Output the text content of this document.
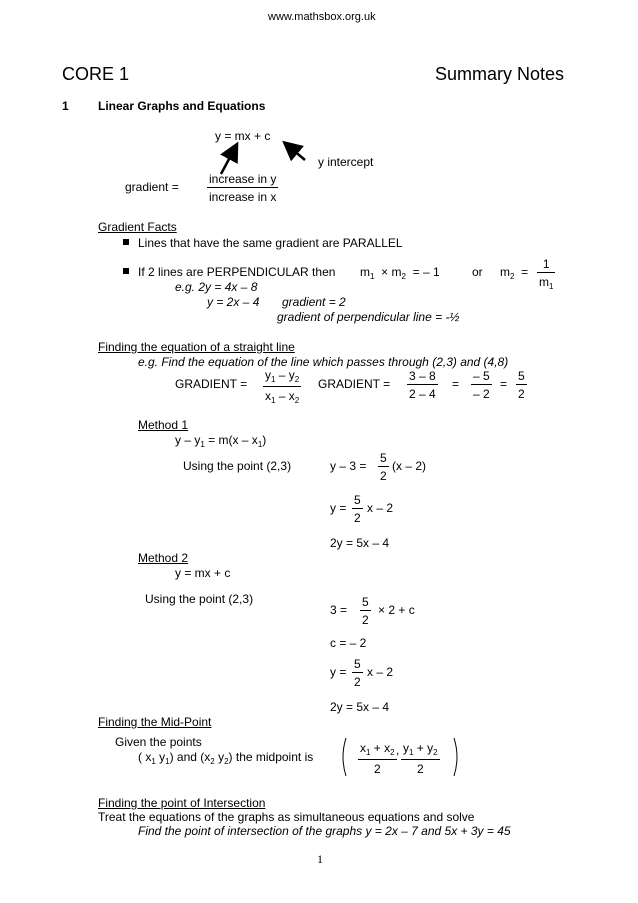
www.mathsbox.org.uk
CORE 1	Summary Notes
1 Linear Graphs and Equations
y = mx + c
y intercept
gradient =
increase in y
increase in x
Gradient Facts
Lines that have the same gradient are PARALLEL
If 2 lines are PERPENDICULAR then $m_1 \times m_2$ = – 1	or $m_2$ =
1
$m_1$
e.g. 2y = 4x – 8
y = 2x – 4 gradient = 2
gradient of perpendicular line = -½
Finding the equation of a straight line
e.g. Find the equation of the line which passes through (2,3) and (4,8)
GRADIENT =
$y_1 - y_2$
$x_1 - x_2$
GRADIENT =
3 – 8
2 – 4
=
– 5
– 2
=
5
2
Method 1
$y - y_1 = m(x - x_1)$
Using the point (2,3)	y – 3 =
5
2
(x – 2)
y =
5
2
x – 2
2y = 5x – 4
Method 2
y = mx + c
Using the point (2,3)
3 =
5
2
× 2 + c
c = – 2
y =
5
2
x – 2
2y = 5x – 4
Finding the Mid-Point
Given the points
( $x_1$ $y_1$) and ($x_2$ $y_2$) the midpoint is
$x_1 + x_2$
2
, $y_1 + y_2$
2
Finding the point of Intersection
Treat the equations of the graphs as simultaneous equations and solve
Find the point of intersection of the graphs y = 2x – 7 and 5x + 3y = 45
1
